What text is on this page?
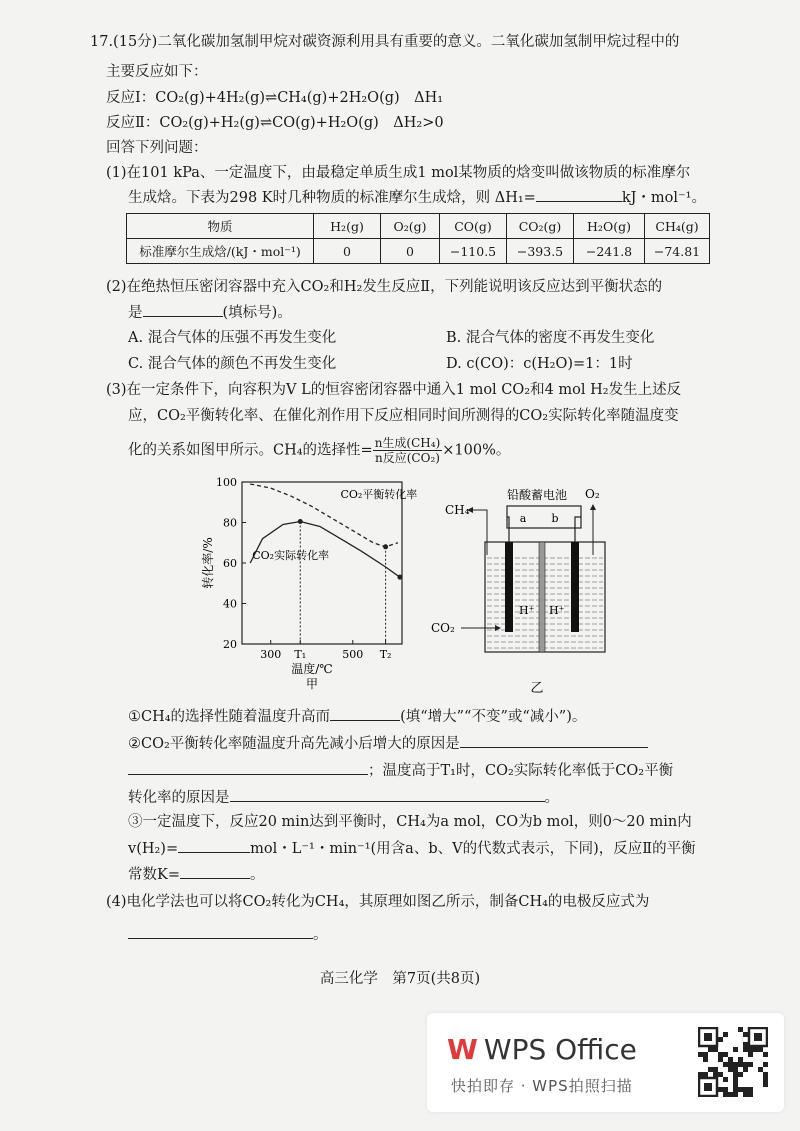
17.(15分)二氧化碳加氢制甲烷对碳资源利用具有重要的意义。二氧化碳加氢制甲烷过程中的
主要反应如下：
反应Ⅰ：CO₂(g)+4H₂(g)⇌CH₄(g)+2H₂O(g)　ΔH₁
反应Ⅱ：CO₂(g)+H₂(g)⇌CO(g)+H₂O(g)　ΔH₂>0
回答下列问题：
(1)在101 kPa、一定温度下，由最稳定单质生成1 mol某物质的焓变叫做该物质的标准摩尔
生成焓。下表为298 K时几种物质的标准摩尔生成焓，则 ΔH₁=	kJ・mol⁻¹。
物质	H₂(g)	O₂(g)	CO(g)	CO₂(g)	H₂O(g)	CH₄(g)
标准摩尔生成焓/(kJ・mol⁻¹)	0	0	−110.5	−393.5	−241.8	−74.81
(2)在绝热恒压密闭容器中充入CO₂和H₂发生反应Ⅱ，下列能说明该反应达到平衡状态的
是	(填标号)。
A. 混合气体的压强不再发生变化	B. 混合气体的密度不再发生变化
C. 混合气体的颜色不再发生变化	D. c(CO)：c(H₂O)=1：1时
(3)在一定条件下，向容积为V L的恒容密闭容器中通入1 mol CO₂和4 mol H₂发生上述反
应，CO₂平衡转化率、在催化剂作用下反应相同时间所测得的CO₂实际转化率随温度变
化的关系如图甲所示。CH₄的选择性= $\frac{\text{n生成(CH₄)}}{\text{n反应(CO₂)}} \times 100\%$。
20
40
60
80
100
300 T₁	500 T₂
转化率/%
温度/℃
甲
CO₂平衡转化率
CO₂实际转化率
铅酸蓄电池
a b
H⁺ H⁺
CH₄
O₂
CO₂
乙
①CH₄的选择性随着温度升高而	(填“增大”“不变”或“减小”)。
②CO₂平衡转化率随温度升高先减小后增大的原因是
；温度高于T₁时，CO₂实际转化率低于CO₂平衡
转化率的原因是	。
③一定温度下，反应20 min达到平衡时，CH₄为a mol，CO为b mol，则0～20 min内
v(H₂)=	mol・L⁻¹・min⁻¹(用含a、b、V的代数式表示，下同)，反应Ⅱ的平衡
常数K=	。
(4)电化学法也可以将CO₂转化为CH₄，其原理如图乙所示，制备CH₄的电极反应式为
。
高三化学　第7页(共8页)
W WPS Office
快拍即存 · WPS拍照扫描
